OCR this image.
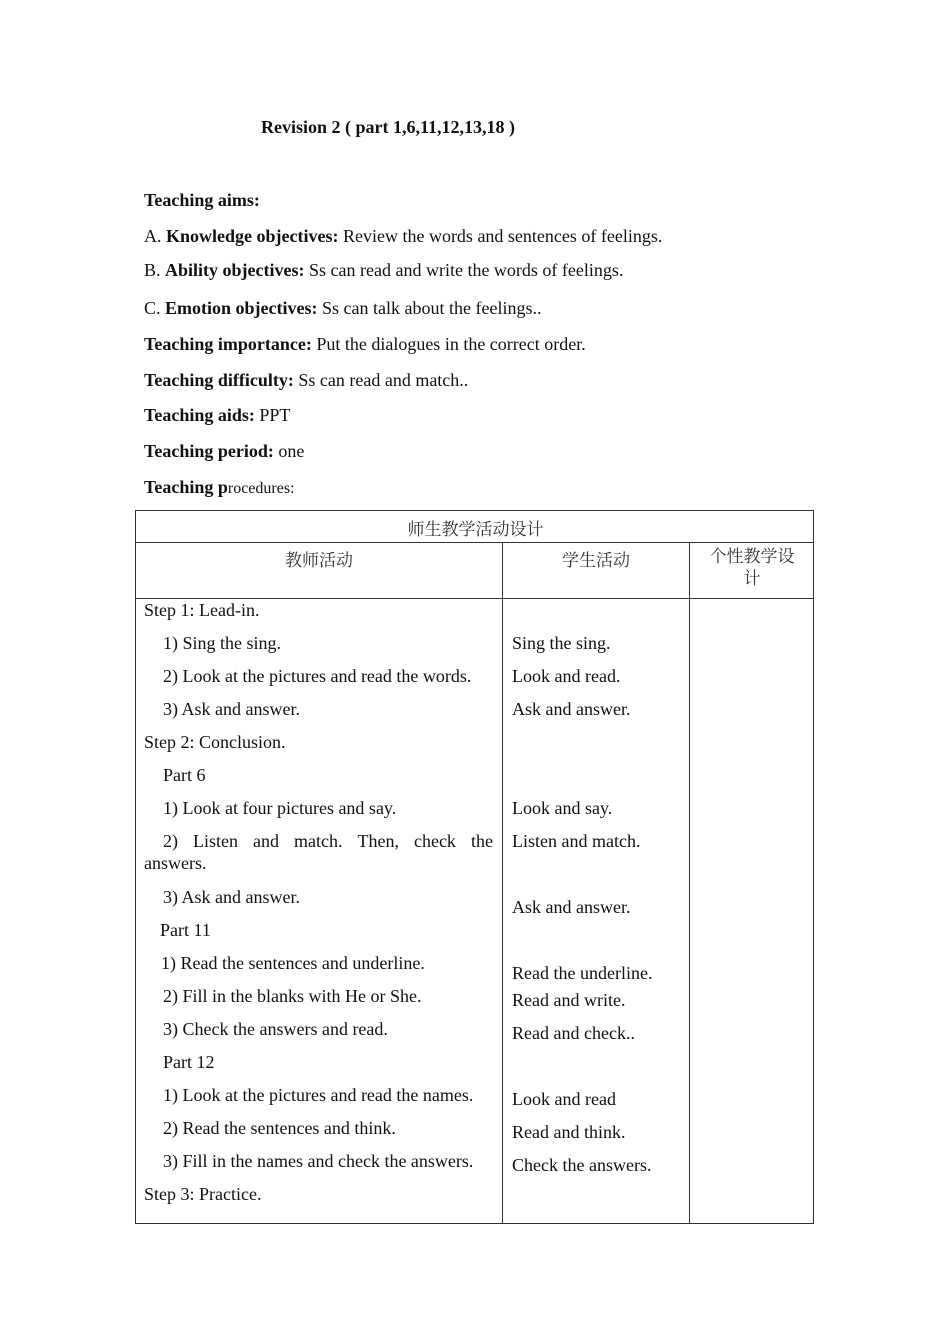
Revision 2 ( part 1,6,11,12,13,18 )
Teaching aims:
A. Knowledge objectives: Review the words and sentences of feelings.
B. Ability objectives: Ss can read and write the words of feelings.
C. Emotion objectives: Ss can talk about the feelings..
Teaching importance: Put the dialogues in the correct order.
Teaching difficulty: Ss can read and match..
Teaching aids: PPT
Teaching period: one
Teaching procedures:
师生教学活动设计
教师活动	学生活动	个性教学设
计
Step 1: Lead-in.
1) Sing the sing.
2) Look at the pictures and read the words.
3) Ask and answer.
Step 2: Conclusion.
Part 6
1) Look at four pictures and say.
2) Listen and match. Then, check the
answers.
3) Ask and answer.
Part 11
1) Read the sentences and underline.
2) Fill in the blanks with He or She.
3) Check the answers and read.
Part 12
1) Look at the pictures and read the names.
2) Read the sentences and think.
3) Fill in the names and check the answers.
Step 3: Practice.
Sing the sing.
Look and read.
Ask and answer.
Look and say.
Listen and match.
Ask and answer.
Read the underline.
Read and write.
Read and check..
Look and read
Read and think.
Check the answers.
